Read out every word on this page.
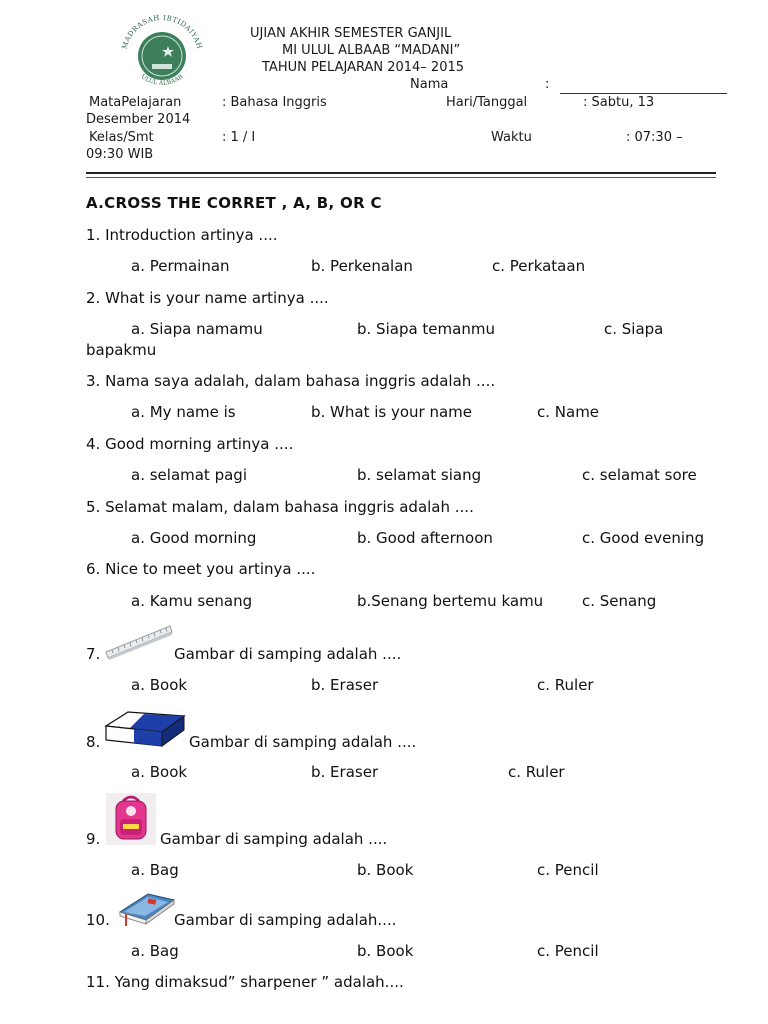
MADRASAH IBTIDAIYAH
ULUL ALBAAB
UJIAN AKHIR SEMESTER GANJIL
MI ULUL ALBAAB “MADANI”
TAHUN PELAJARAN 2014– 2015
Nama	:
MataPelajaran	: Bahasa Inggris	Hari/Tanggal	: Sabtu, 13
Desember 2014
Kelas/Smt	: 1 / I	Waktu	: 07:30 –
09:30 WIB
A.CROSS THE CORRET , A, B, OR C
1. Introduction artinya ....
a. Permainan	b. Perkenalan	c. Perkataan
2. What is your name artinya ....
a. Siapa namamu	b. Siapa temanmu	c. Siapa
bapakmu
3. Nama saya adalah, dalam bahasa inggris adalah ....
a. My name is	b. What is your name	c. Name
4. Good morning artinya ....
a. selamat pagi	b. selamat siang	c. selamat sore
5. Selamat malam, dalam bahasa inggris adalah ....
a. Good morning	b. Good afternoon	c. Good evening
6. Nice to meet you artinya ....
a. Kamu senang	b.Senang bertemu kamu	c. Senang
7.	Gambar di samping adalah ....
a. Book	b. Eraser	c. Ruler
8.	Gambar di samping adalah ....
a. Book	b. Eraser	c. Ruler
9.	Gambar di samping adalah ....
a. Bag	b. Book	c. Pencil
10.	Gambar di samping adalah....
a. Bag	b. Book	c. Pencil
11. Yang dimaksud” sharpener ” adalah....
